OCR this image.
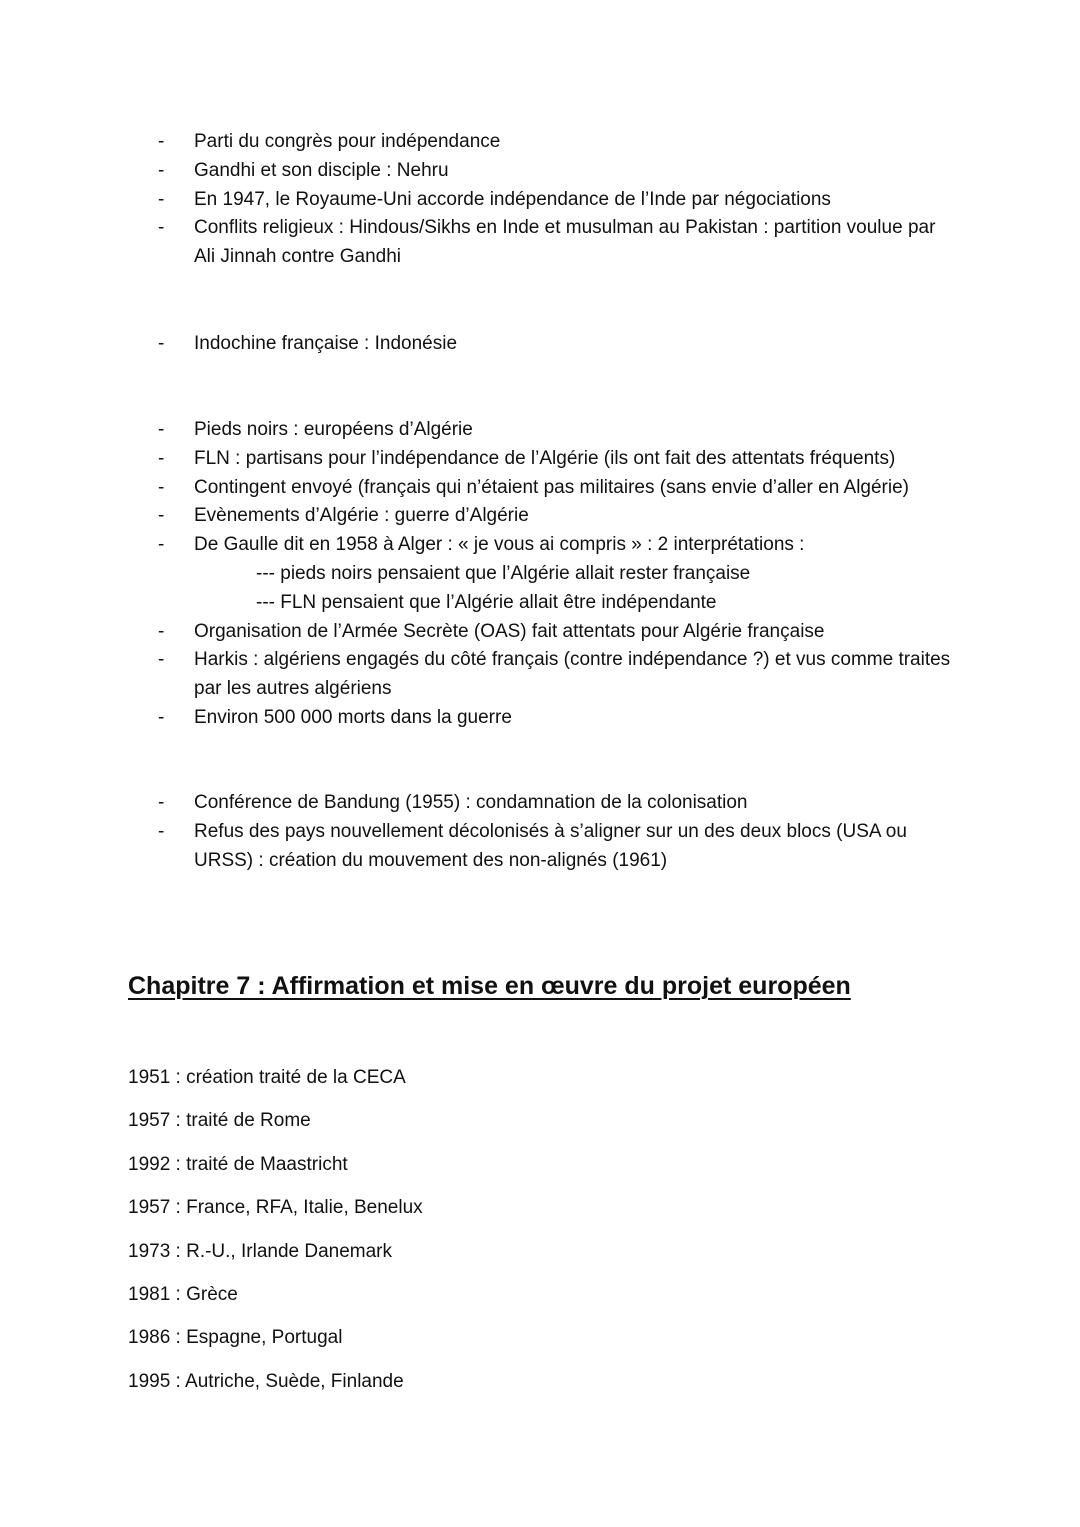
- Parti du congrès pour indépendance
- Gandhi et son disciple : Nehru
- En 1947, le Royaume-Uni accorde indépendance de l’Inde par négociations
- Conflits religieux : Hindous/Sikhs en Inde et musulman au Pakistan : partition voulue par Ali Jinnah contre Gandhi
- Indochine française : Indonésie
- Pieds noirs : européens d’Algérie
- FLN : partisans pour l’indépendance de l’Algérie (ils ont fait des attentats fréquents)
- Contingent envoyé (français qui n’étaient pas militaires (sans envie d’aller en Algérie)
- Evènements d’Algérie : guerre d’Algérie
- De Gaulle dit en 1958 à Alger : « je vous ai compris » : 2 interprétations :
--- pieds noirs pensaient que l’Algérie allait rester française
--- FLN pensaient que l’Algérie allait être indépendante
- Organisation de l’Armée Secrète (OAS) fait attentats pour Algérie française
- Harkis : algériens engagés du côté français (contre indépendance ?) et vus comme traites par les autres algériens
- Environ 500 000 morts dans la guerre
- Conférence de Bandung (1955) : condamnation de la colonisation
- Refus des pays nouvellement décolonisés à s’aligner sur un des deux blocs (USA ou URSS) : création du mouvement des non-alignés (1961)
Chapitre 7 : Affirmation et mise en œuvre du projet européen
1951 : création traité de la CECA
1957 : traité de Rome
1992 : traité de Maastricht
1957 : France, RFA, Italie, Benelux
1973 : R.-U., Irlande Danemark
1981 : Grèce
1986 : Espagne, Portugal
1995 : Autriche, Suède, Finlande
